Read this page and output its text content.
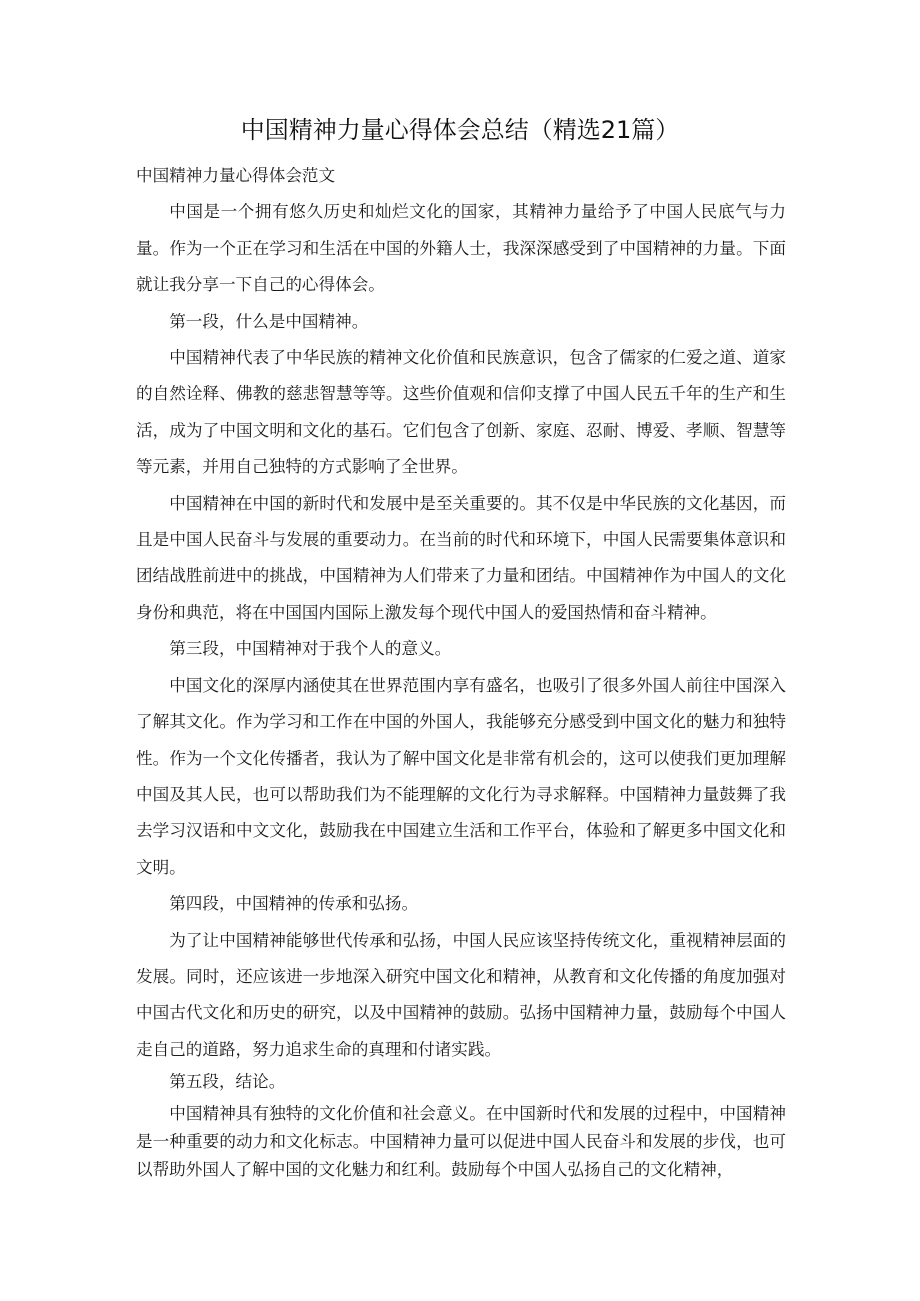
中国精神力量心得体会总结（精选21篇）

中国精神力量心得体会范文

中国是一个拥有悠久历史和灿烂文化的国家，其精神力量给予了中国人民底气与力量。作为一个正在学习和生活在中国的外籍人士，我深深感受到了中国精神的力量。下面就让我分享一下自己的心得体会。

第一段，什么是中国精神。

中国精神代表了中华民族的精神文化价值和民族意识，包含了儒家的仁爱之道、道家的自然诠释、佛教的慈悲智慧等等。这些价值观和信仰支撑了中国人民五千年的生产和生活，成为了中国文明和文化的基石。它们包含了创新、家庭、忍耐、博爱、孝顺、智慧等等元素，并用自己独特的方式影响了全世界。

中国精神在中国的新时代和发展中是至关重要的。其不仅是中华民族的文化基因，而且是中国人民奋斗与发展的重要动力。在当前的时代和环境下，中国人民需要集体意识和团结战胜前进中的挑战，中国精神为人们带来了力量和团结。中国精神作为中国人的文化身份和典范，将在中国国内国际上激发每个现代中国人的爱国热情和奋斗精神。

第三段，中国精神对于我个人的意义。

中国文化的深厚内涵使其在世界范围内享有盛名，也吸引了很多外国人前往中国深入了解其文化。作为学习和工作在中国的外国人，我能够充分感受到中国文化的魅力和独特性。作为一个文化传播者，我认为了解中国文化是非常有机会的，这可以使我们更加理解中国及其人民，也可以帮助我们为不能理解的文化行为寻求解释。中国精神力量鼓舞了我去学习汉语和中文文化，鼓励我在中国建立生活和工作平台，体验和了解更多中国文化和文明。

第四段，中国精神的传承和弘扬。

为了让中国精神能够世代传承和弘扬，中国人民应该坚持传统文化，重视精神层面的发展。同时，还应该进一步地深入研究中国文化和精神，从教育和文化传播的角度加强对中国古代文化和历史的研究，以及中国精神的鼓励。弘扬中国精神力量，鼓励每个中国人走自己的道路，努力追求生命的真理和付诸实践。

第五段，结论。

中国精神具有独特的文化价值和社会意义。在中国新时代和发展的过程中，中国精神是一种重要的动力和文化标志。中国精神力量可以促进中国人民奋斗和发展的步伐，也可以帮助外国人了解中国的文化魅力和红利。鼓励每个中国人弘扬自己的文化精神，
